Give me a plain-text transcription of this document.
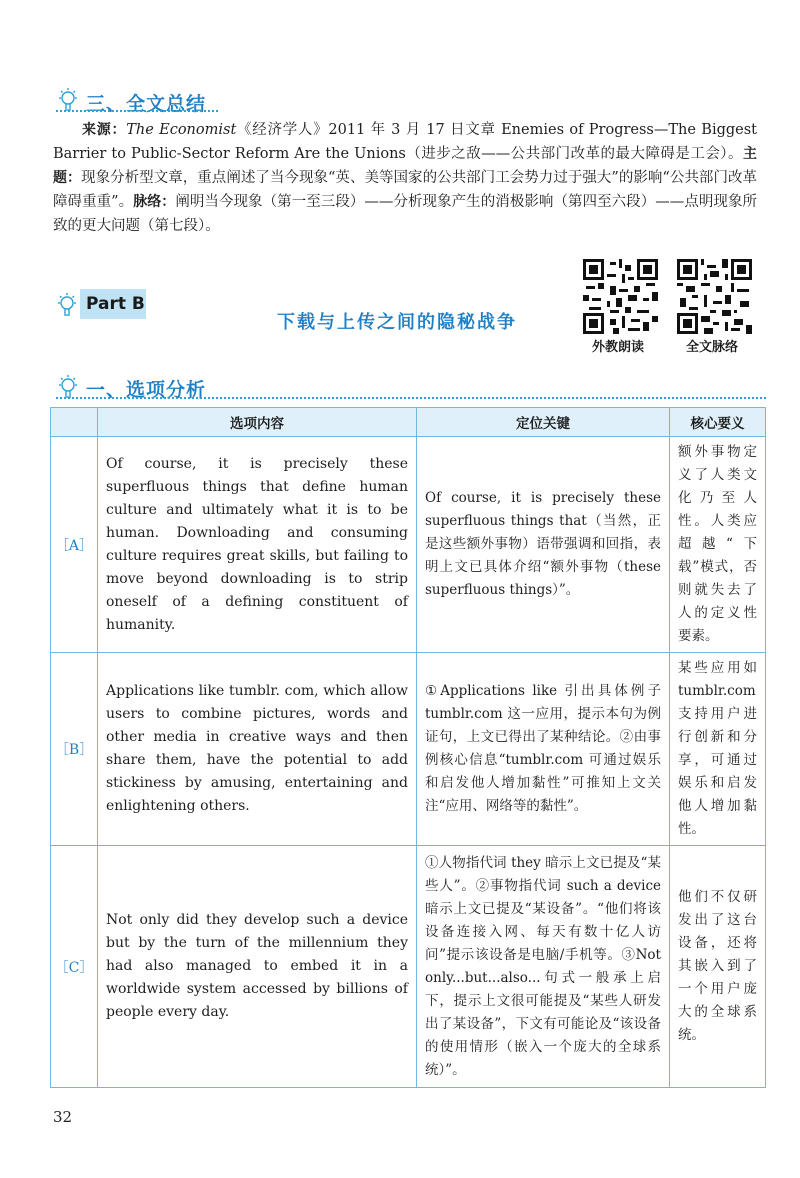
三、全文总结

来源：The Economist《经济学人》2011 年 3 月 17 日文章 Enemies of Progress—The Biggest Barrier to Public-Sector Reform Are the Unions（进步之敌——公共部门改革的最大障碍是工会）。主题：现象分析型文章，重点阐述了当今现象“英、美等国家的公共部门工会势力过于强大”的影响“公共部门改革障碍重重”。脉络：阐明当今现象（第一至三段）——分析现象产生的消极影响（第四至六段）——点明现象所致的更大问题（第七段）。

Part B
下载与上传之间的隐秘战争
外教朗读	全文脉络
一、选项分析
	选项内容	定位关键	核心要义
［A］	Of course, it is precisely these superfluous things that define human culture and ultimately what it is to be human. Downloading and consuming culture requires great skills, but failing to move beyond downloading is to strip oneself of a defining constituent of humanity.	Of course, it is precisely these superfluous things that（当然，正是这些额外事物）语带强调和回指，表明上文已具体介绍“额外事物（these superfluous things）”。	额外事物定义了人类文化乃至人性。人类应超越“下载”模式，否则就失去了人的定义性要素。
［B］	Applications like tumblr. com, which allow users to combine pictures, words and other media in creative ways and then share them, have the potential to add stickiness by amusing, entertaining and enlightening others.	①Applications like 引出具体例子 tumblr.com 这一应用，提示本句为例证句，上文已得出了某种结论。②由事例核心信息“tumblr.com 可通过娱乐和启发他人增加黏性”可推知上文关注“应用、网络等的黏性”。	某些应用如 tumblr.com 支持用户进行创新和分享，可通过娱乐和启发他人增加黏性。
［C］	Not only did they develop such a device but by the turn of the millennium they had also managed to embed it in a worldwide system accessed by billions of people every day.	①人物指代词 they 暗示上文已提及“某些人”。②事物指代词 such a device 暗示上文已提及“某设备”。“他们将该设备连接入网、每天有数十亿人访问”提示该设备是电脑/手机等。③Not only...but...also...句式一般承上启下，提示上文很可能提及“某些人研发出了某设备”，下文有可能论及“该设备的使用情形（嵌入一个庞大的全球系统）”。	他们不仅研发出了这台设备，还将其嵌入到了一个用户庞大的全球系统。
32
